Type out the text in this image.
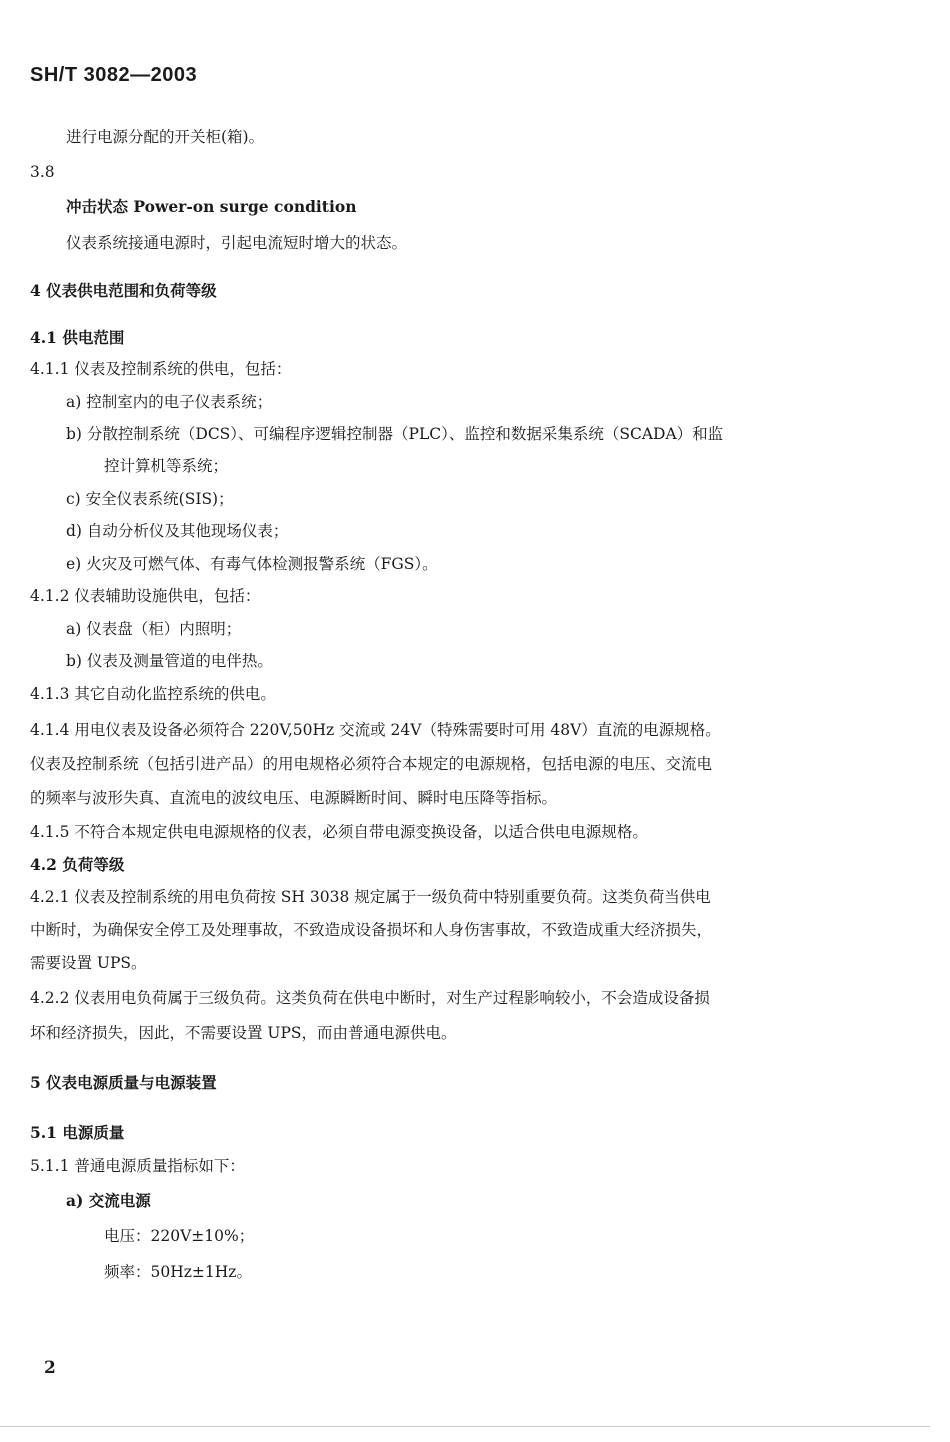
SH/T 3082—2003
进行电源分配的开关柜(箱)。
3.8
冲击状态 Power-on surge condition
仪表系统接通电源时，引起电流短时增大的状态。
4 仪表供电范围和负荷等级
4.1 供电范围
4.1.1 仪表及控制系统的供电，包括：
a) 控制室内的电子仪表系统；
b) 分散控制系统（DCS）、可编程序逻辑控制器（PLC）、监控和数据采集系统（SCADA）和监
控计算机等系统；
c) 安全仪表系统(SIS)；
d) 自动分析仪及其他现场仪表；
e) 火灾及可燃气体、有毒气体检测报警系统（FGS）。
4.1.2 仪表辅助设施供电，包括：
a) 仪表盘（柜）内照明；
b) 仪表及测量管道的电伴热。
4.1.3 其它自动化监控系统的供电。
4.1.4 用电仪表及设备必须符合 220V,50Hz 交流或 24V（特殊需要时可用 48V）直流的电源规格。
仪表及控制系统（包括引进产品）的用电规格必须符合本规定的电源规格，包括电源的电压、交流电
的频率与波形失真、直流电的波纹电压、电源瞬断时间、瞬时电压降等指标。
4.1.5 不符合本规定供电电源规格的仪表，必须自带电源变换设备，以适合供电电源规格。
4.2 负荷等级
4.2.1 仪表及控制系统的用电负荷按 SH 3038 规定属于一级负荷中特别重要负荷。这类负荷当供电
中断时，为确保安全停工及处理事故，不致造成设备损坏和人身伤害事故，不致造成重大经济损失，
需要设置 UPS。
4.2.2 仪表用电负荷属于三级负荷。这类负荷在供电中断时，对生产过程影响较小，不会造成设备损
坏和经济损失，因此，不需要设置 UPS，而由普通电源供电。
5 仪表电源质量与电源装置
5.1 电源质量
5.1.1 普通电源质量指标如下：
a) 交流电源
电压：220V±10%；
频率：50Hz±1Hz。
2
